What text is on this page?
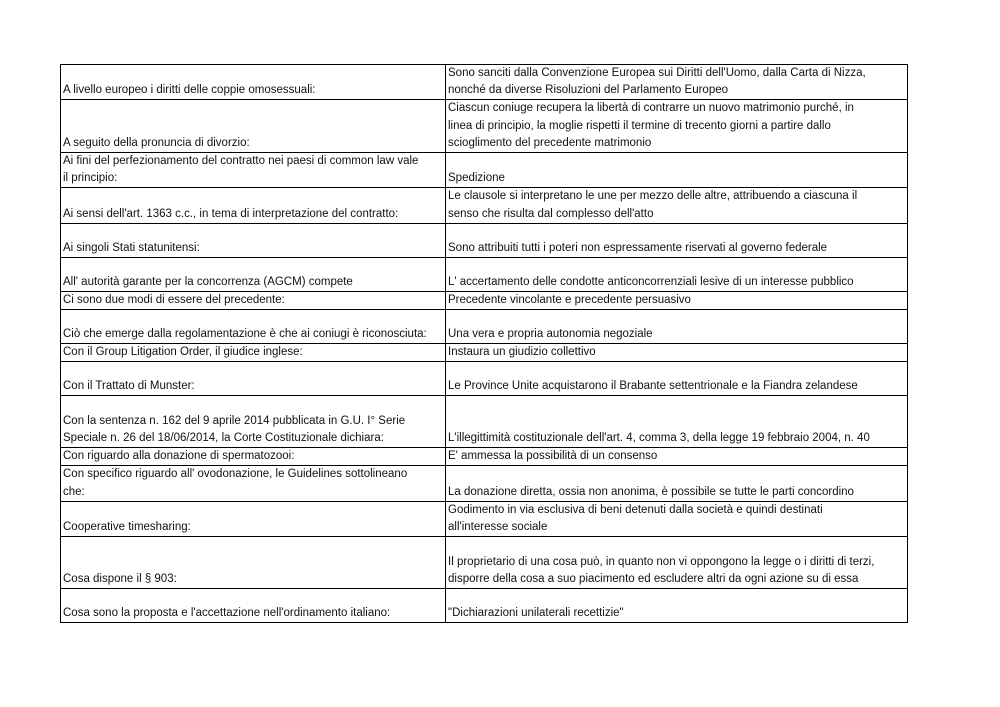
A livello europeo i diritti delle coppie omosessuali:	Sono sanciti dalla Convenzione Europea sui Diritti dell'Uomo, dalla Carta di Nizza,
nonché da diverse Risoluzioni del Parlamento Europeo
A seguito della pronuncia di divorzio:	Ciascun coniuge recupera la libertà di contrarre un nuovo matrimonio purché, in
linea di principio, la moglie rispetti il termine di trecento giorni a partire dallo
scioglimento del precedente matrimonio
Ai fini del perfezionamento del contratto nei paesi di common law vale
il principio:	Spedizione
Ai sensi dell'art. 1363 c.c., in tema di interpretazione del contratto:	Le clausole si interpretano le une per mezzo delle altre, attribuendo a ciascuna il
senso che risulta dal complesso dell'atto
Ai singoli Stati statunitensi:	Sono attribuiti tutti i poteri non espressamente riservati al governo federale
All' autorità garante per la concorrenza (AGCM) compete	L' accertamento delle condotte anticoncorrenziali lesive di un interesse pubblico
Ci sono due modi di essere del precedente:	Precedente vincolante e precedente persuasivo
Ciò che emerge dalla regolamentazione è che ai coniugi è riconosciuta:	Una vera e propria autonomia negoziale
Con il Group Litigation Order, il giudice inglese:	Instaura un giudizio collettivo
Con il Trattato di Munster:	Le Province Unite acquistarono il Brabante settentrionale e la Fiandra zelandese
Con la sentenza n. 162 del 9 aprile 2014 pubblicata in G.U. I° Serie
Speciale n. 26 del 18/06/2014, la Corte Costituzionale dichiara:	L'illegittimità costituzionale dell'art. 4, comma 3, della legge 19 febbraio 2004, n. 40
Con riguardo alla donazione di spermatozooi:	E' ammessa la possibilità di un consenso
Con specifico riguardo all' ovodonazione, le Guidelines sottolineano
che:	La donazione diretta, ossia non anonima, è possibile se tutte le parti concordino
Cooperative timesharing:	Godimento in via esclusiva di beni detenuti dalla società e quindi destinati
all'interesse sociale
Cosa dispone il § 903:	Il proprietario di una cosa può, in quanto non vi oppongono la legge o i diritti di terzi,
disporre della cosa a suo piacimento ed escludere altri da ogni azione su di essa
Cosa sono la proposta e l'accettazione nell'ordinamento italiano:	"Dichiarazioni unilaterali recettizie"
